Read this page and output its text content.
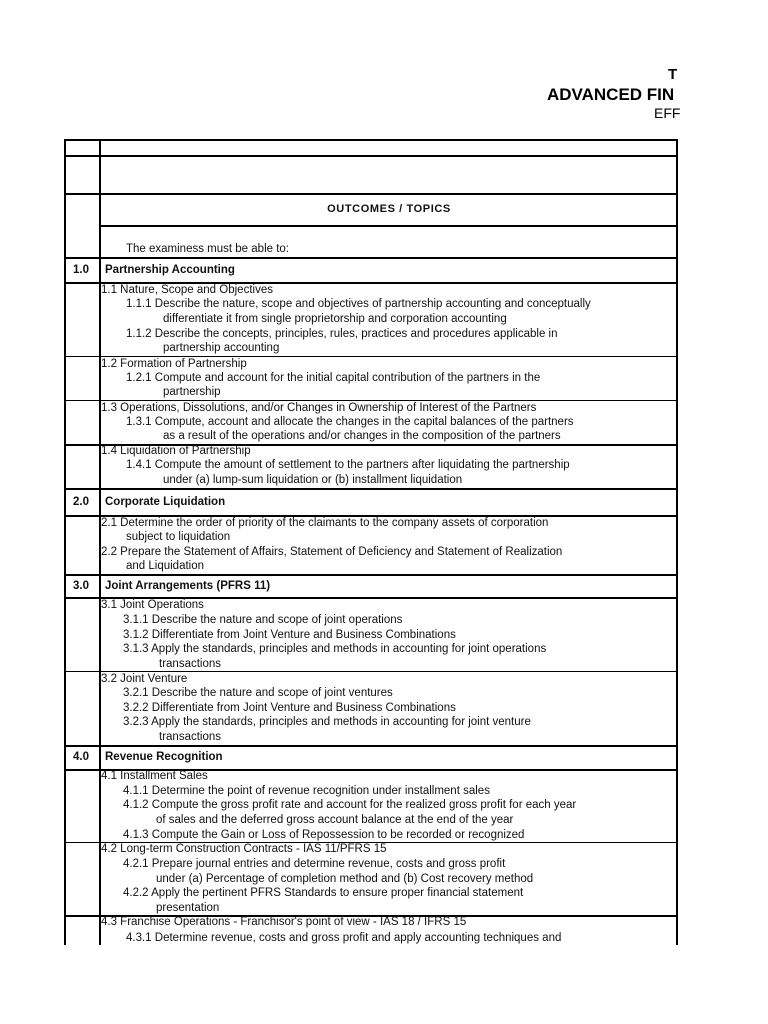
T
ADVANCED FIN
EFF
OUTCOMES / TOPICS
The examiness must be able to:
1.0 Partnership Accounting
1.1 Nature, Scope and Objectives
1.1.1 Describe the nature, scope and objectives of partnership accounting and conceptually
differentiate it from single proprietorship and corporation accounting
1.1.2 Describe the concepts, principles, rules, practices and procedures applicable in
partnership accounting
1.2 Formation of Partnership
1.2.1 Compute and account for the initial capital contribution of the partners in the
partnership
1.3 Operations, Dissolutions, and/or Changes in Ownership of Interest of the Partners
1.3.1 Compute, account and allocate the changes in the capital balances of the partners
as a result of the operations and/or changes in the composition of the partners
1.4 Liquidation of Partnership
1.4.1 Compute the amount of settlement to the partners after liquidating the partnership
under (a) lump-sum liquidation or (b) installment liquidation
2.0 Corporate Liquidation
2.1 Determine the order of priority of the claimants to the company assets of corporation
subject to liquidation
2.2 Prepare the Statement of Affairs, Statement of Deficiency and Statement of Realization
and Liquidation
3.0 Joint Arrangements (PFRS 11)
3.1 Joint Operations
3.1.1 Describe the nature and scope of joint operations
3.1.2 Differentiate from Joint Venture and Business Combinations
3.1.3 Apply the standards, principles and methods in accounting for joint operations
transactions
3.2 Joint Venture
3.2.1 Describe the nature and scope of joint ventures
3.2.2 Differentiate from Joint Venture and Business Combinations
3.2.3 Apply the standards, principles and methods in accounting for joint venture
transactions
4.0 Revenue Recognition
4.1 Installment Sales
4.1.1 Determine the point of revenue recognition under installment sales
4.1.2 Compute the gross profit rate and account for the realized gross profit for each year
of sales and the deferred gross account balance at the end of the year
4.1.3 Compute the Gain or Loss of Repossession to be recorded or recognized
4.2 Long-term Construction Contracts - IAS 11/PFRS 15
4.2.1 Prepare journal entries and determine revenue, costs and gross profit
under (a) Percentage of completion method and (b) Cost recovery method
4.2.2 Apply the pertinent PFRS Standards to ensure proper financial statement
presentation
4.3 Franchise Operations - Franchisor's point of view - IAS 18 / IFRS 15
4.3.1 Determine revenue, costs and gross profit and apply accounting techniques and
